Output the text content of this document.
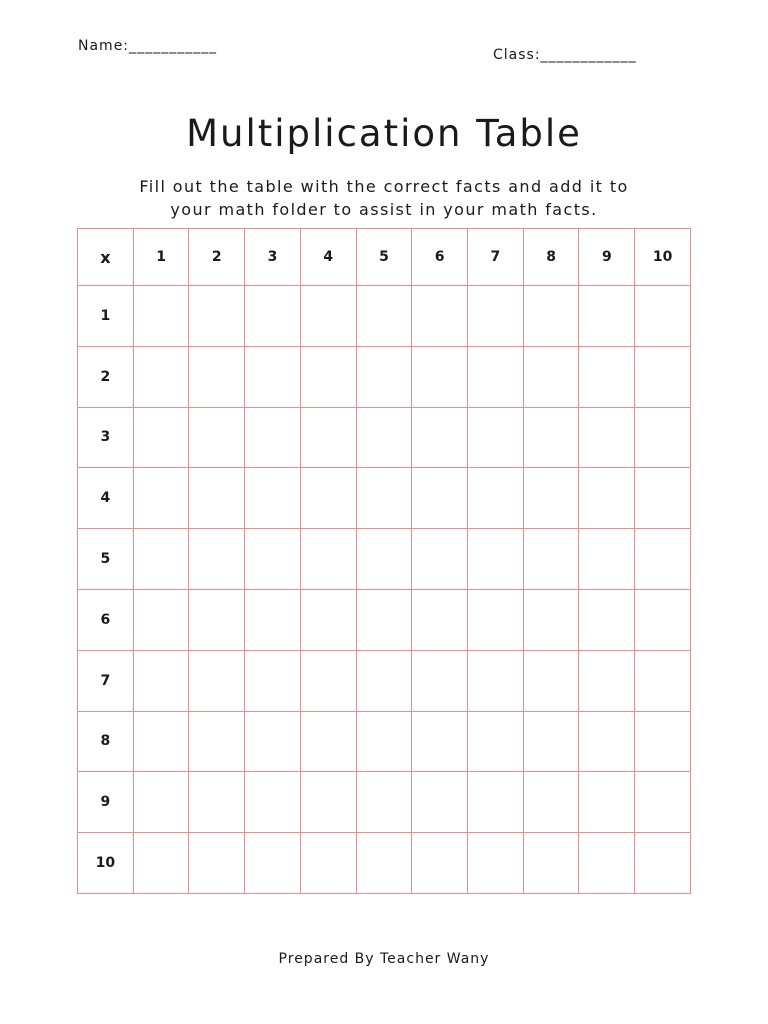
Name:___________
Class:____________
Multiplication Table
Fill out the table with the correct facts and add it to
your math folder to assist in your math facts.
x	1	2	3	4	5	6	7	8	9	10
1										
2										
3										
4										
5										
6										
7										
8										
9										
10										
Prepared By Teacher Wany
